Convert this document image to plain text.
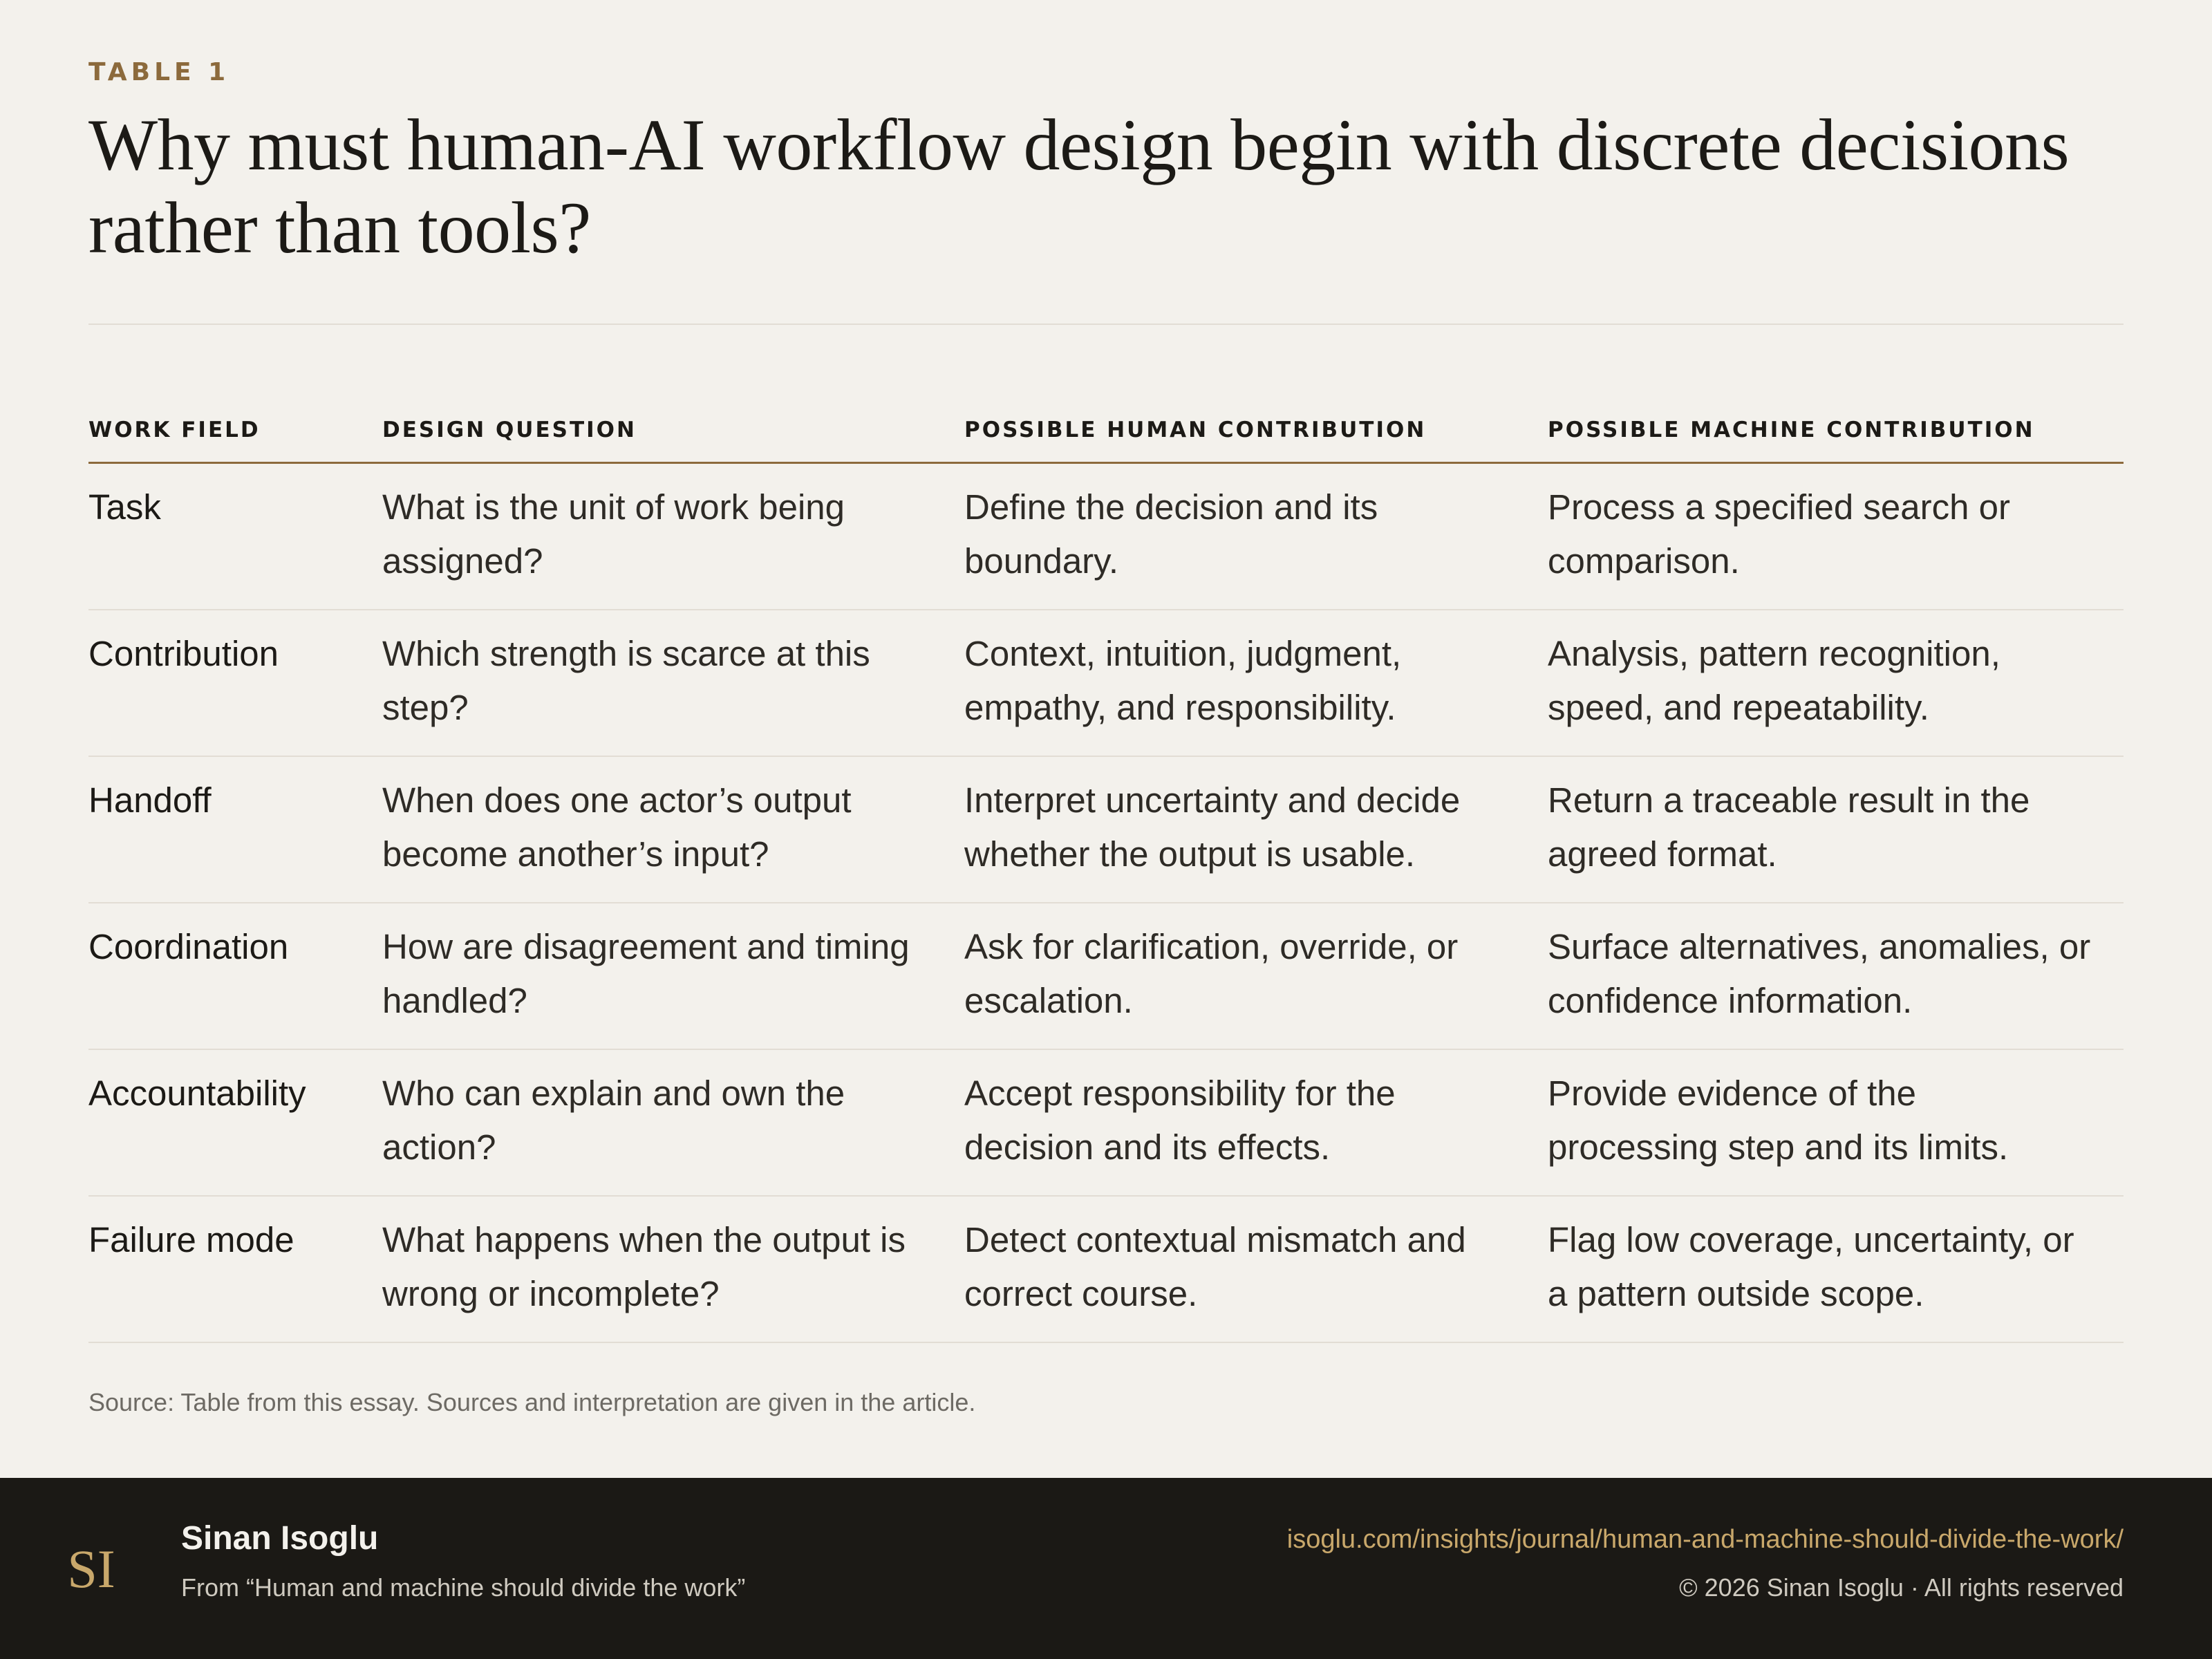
TABLE 1
Why must human-AI workflow design begin with discrete decisions rather than tools?
WORK FIELD	DESIGN QUESTION	POSSIBLE HUMAN CONTRIBUTION	POSSIBLE MACHINE CONTRIBUTION
Task	What is the unit of work being assigned?	Define the decision and its boundary.	Process a specified search or comparison.
Contribution	Which strength is scarce at this step?	Context, intuition, judgment, empathy, and responsibility.	Analysis, pattern recognition, speed, and repeatability.
Handoff	When does one actor’s output become another’s input?	Interpret uncertainty and decide whether the output is usable.	Return a traceable result in the agreed format.
Coordination	How are disagreement and timing handled?	Ask for clarification, override, or escalation.	Surface alternatives, anomalies, or confidence information.
Accountability	Who can explain and own the action?	Accept responsibility for the decision and its effects.	Provide evidence of the processing step and its limits.
Failure mode	What happens when the output is wrong or incomplete?	Detect contextual mismatch and correct course.	Flag low coverage, uncertainty, or a pattern outside scope.
Source: Table from this essay. Sources and interpretation are given in the article.
SI
Sinan Isoglu
From “Human and machine should divide the work”
isoglu.com/insights/journal/human-and-machine-should-divide-the-work/
© 2026 Sinan Isoglu · All rights reserved
